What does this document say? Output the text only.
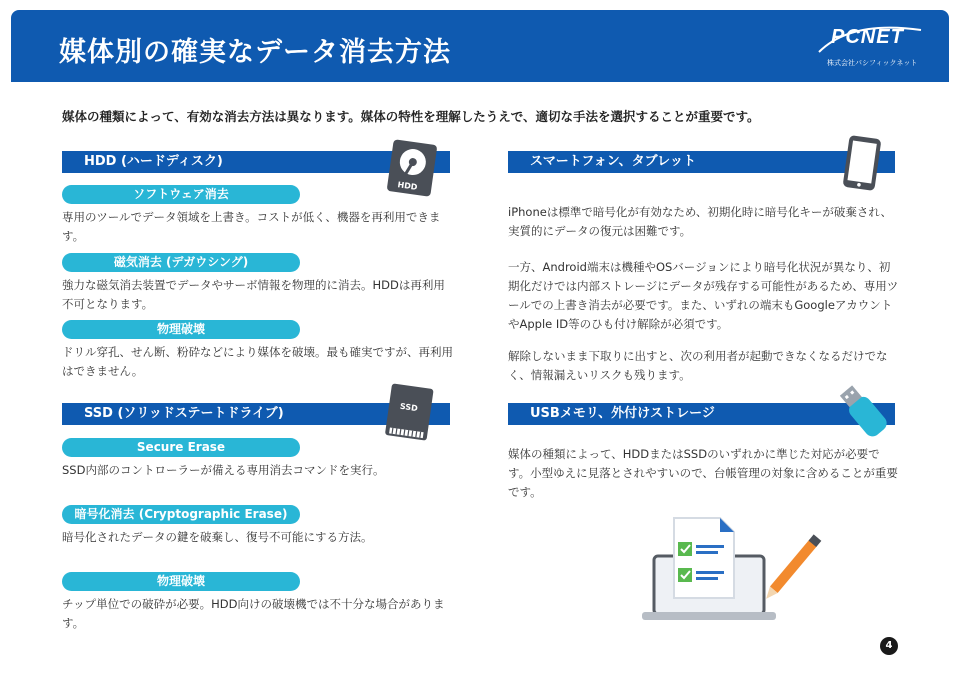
媒体別の確実なデータ消去方法	PCNET
株式会社パシフィックネット
媒体の種類によって、有効な消去方法は異なります。媒体の特性を理解したうえで、適切な手法を選択することが重要です。
HDD (ハードディスク)
HDD
ソフトウェア消去
専用のツールでデータ領域を上書き。コストが低く、機器を再利用できます。
磁気消去 (デガウシング)
強力な磁気消去装置でデータやサーボ情報を物理的に消去。HDDは再利用不可となります。
物理破壊
ドリル穿孔、せん断、粉砕などにより媒体を破壊。最も確実ですが、再利用はできません。
SSD (ソリッドステートドライブ)	SSD
Secure Erase
SSD内部のコントローラーが備える専用消去コマンドを実行。
暗号化消去 (Cryptographic Erase)
暗号化されたデータの鍵を破棄し、復号不可能にする方法。
物理破壊
チップ単位での破砕が必要。HDD向けの破壊機では不十分な場合があります。
スマートフォン、タブレット
iPhoneは標準で暗号化が有効なため、初期化時に暗号化キーが破棄され、実質的にデータの復元は困難です。
一方、Android端末は機種やOSバージョンにより暗号化状況が異なり、初期化だけでは内部ストレージにデータが残存する可能性があるため、専用ツールでの上書き消去が必要です。また、いずれの端末もGoogleアカウントやApple ID等のひも付け解除が必須です。
解除しないまま下取りに出すと、次の利用者が起動できなくなるだけでなく、情報漏えいリスクも残ります。
USBメモリ、外付けストレージ
媒体の種類によって、HDDまたはSSDのいずれかに準じた対応が必要です。小型ゆえに見落とされやすいので、台帳管理の対象に含めることが重要です。
4
